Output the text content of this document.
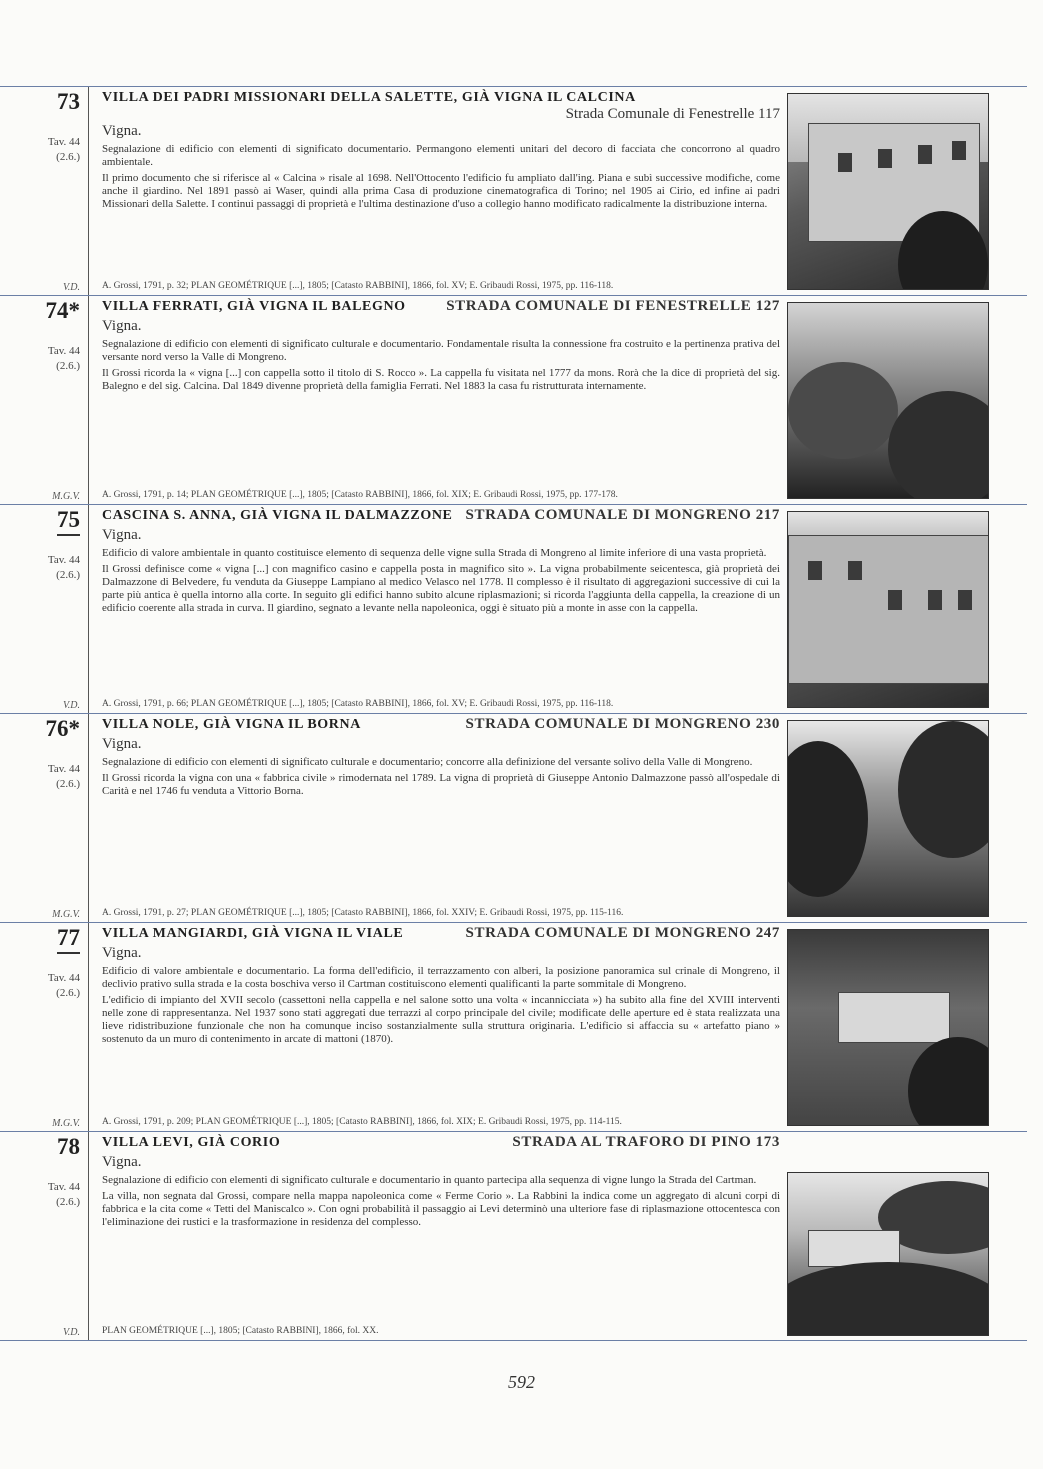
73
Tav. 44
(2.6.)
V.D.
VILLA DEI PADRI MISSIONARI DELLA SALETTE, GIÀ VIGNA IL CALCINA
Strada Comunale di Fenestrelle 117
Vigna.

Segnalazione di edificio con elementi di significato documentario. Permangono elementi unitari del decoro di facciata che concorrono al quadro ambientale.

Il primo documento che si riferisce al « Calcina » risale al 1698. Nell'Ottocento l'edificio fu ampliato dall'ing. Piana e subì successive modifiche, come anche il giardino. Nel 1891 passò ai Waser, quindi alla prima Casa di produzione cinematografica di Torino; nel 1905 ai Cirio, ed infine ai padri Missionari della Salette. I continui passaggi di proprietà e l'ultima destinazione d'uso a collegio hanno modificato radicalmente la distribuzione interna.

A. Grossi, 1791, p. 32; PLAN GEOMÉTRIQUE [...], 1805; [Catasto RABBINI], 1866, fol. XV; E. Gribaudi Rossi, 1975, pp. 116-118.
74*
Tav. 44
(2.6.)
M.G.V.
VILLA FERRATI, GIÀ VIGNA IL BALEGNO	STRADA COMUNALE DI FENESTRELLE 127
Vigna.

Segnalazione di edificio con elementi di significato culturale e documentario. Fondamentale risulta la connessione fra costruito e la pertinenza prativa del versante nord verso la Valle di Mongreno.

Il Grossi ricorda la « vigna [...] con cappella sotto il titolo di S. Rocco ». La cappella fu visitata nel 1777 da mons. Rorà che la dice di proprietà del sig. Balegno e del sig. Calcina. Dal 1849 divenne proprietà della famiglia Ferrati. Nel 1883 la casa fu ristrutturata internamente.

A. Grossi, 1791, p. 14; PLAN GEOMÉTRIQUE [...], 1805; [Catasto RABBINI], 1866, fol. XIX; E. Gribaudi Rossi, 1975, pp. 177-178.
75
Tav. 44
(2.6.)
V.D.
CASCINA S. ANNA, GIÀ VIGNA IL DALMAZZONE STRADA COMUNALE DI MONGRENO 217
Vigna.

Edificio di valore ambientale in quanto costituisce elemento di sequenza delle vigne sulla Strada di Mongreno al limite inferiore di una vasta proprietà.

Il Grossi definisce come « vigna [...] con magnifico casino e cappella posta in magnifico sito ». La vigna probabilmente seicentesca, già proprietà dei Dalmazzone di Belvedere, fu venduta da Giuseppe Lampiano al medico Velasco nel 1778. Il complesso è il risultato di aggregazioni successive di cui la parte più antica è quella intorno alla corte. In seguito gli edifici hanno subito alcune riplasmazioni; si ricorda l'aggiunta della cappella, la creazione di un edificio coerente alla strada in curva. Il giardino, segnato a levante nella napoleonica, oggi è situato più a monte in asse con la cappella.

A. Grossi, 1791, p. 66; PLAN GEOMÉTRIQUE [...], 1805; [Catasto RABBINI], 1866, fol. XV; E. Gribaudi Rossi, 1975, pp. 116-118.
76*
Tav. 44
(2.6.)
M.G.V.
VILLA NOLE, GIÀ VIGNA IL BORNA	STRADA COMUNALE DI MONGRENO 230
Vigna.

Segnalazione di edificio con elementi di significato culturale e documentario; concorre alla definizione del versante solivo della Valle di Mongreno.

Il Grossi ricorda la vigna con una « fabbrica civile » rimodernata nel 1789. La vigna di proprietà di Giuseppe Antonio Dalmazzone passò all'ospedale di Carità e nel 1746 fu venduta a Vittorio Borna.

A. Grossi, 1791, p. 27; PLAN GEOMÉTRIQUE [...], 1805; [Catasto RABBINI], 1866, fol. XXIV; E. Gribaudi Rossi, 1975, pp. 115-116.
77
Tav. 44
(2.6.)
M.G.V.
VILLA MANGIARDI, GIÀ VIGNA IL VIALE	STRADA COMUNALE DI MONGRENO 247
Vigna.

Edificio di valore ambientale e documentario. La forma dell'edificio, il terrazzamento con alberi, la posizione panoramica sul crinale di Mongreno, il declivio prativo sulla strada e la costa boschiva verso il Cartman costituiscono elementi qualificanti la parte sommitale di Mongreno.

L'edificio di impianto del XVII secolo (cassettoni nella cappella e nel salone sotto una volta « incannicciata ») ha subito alla fine del XVIII interventi nelle zone di rappresentanza. Nel 1937 sono stati aggregati due terrazzi al corpo principale del civile; modificate delle aperture ed è stata realizzata una lieve ridistribuzione funzionale che non ha comunque inciso sostanzialmente sulla struttura originaria. L'edificio si affaccia su « artefatto piano » sostenuto da un muro di contenimento in arcate di mattoni (1870).

A. Grossi, 1791, p. 209; PLAN GEOMÉTRIQUE [...], 1805; [Catasto RABBINI], 1866, fol. XIX; E. Gribaudi Rossi, 1975, pp. 114-115.
78
Tav. 44
(2.6.)
V.D.
VILLA LEVI, GIÀ CORIO	STRADA AL TRAFORO DI PINO 173
Vigna.

Segnalazione di edificio con elementi di significato culturale e documentario in quanto partecipa alla sequenza di vigne lungo la Strada del Cartman.

La villa, non segnata dal Grossi, compare nella mappa napoleonica come « Ferme Corio ». La Rabbini la indica come un aggregato di alcuni corpi di fabbrica e la cita come « Tetti del Maniscalco ». Con ogni probabilità il passaggio ai Levi determinò una ulteriore fase di riplasmazione ottocentesca con l'eliminazione dei rustici e la trasformazione in residenza del complesso.

PLAN GEOMÉTRIQUE [...], 1805; [Catasto RABBINI], 1866, fol. XX.
592
